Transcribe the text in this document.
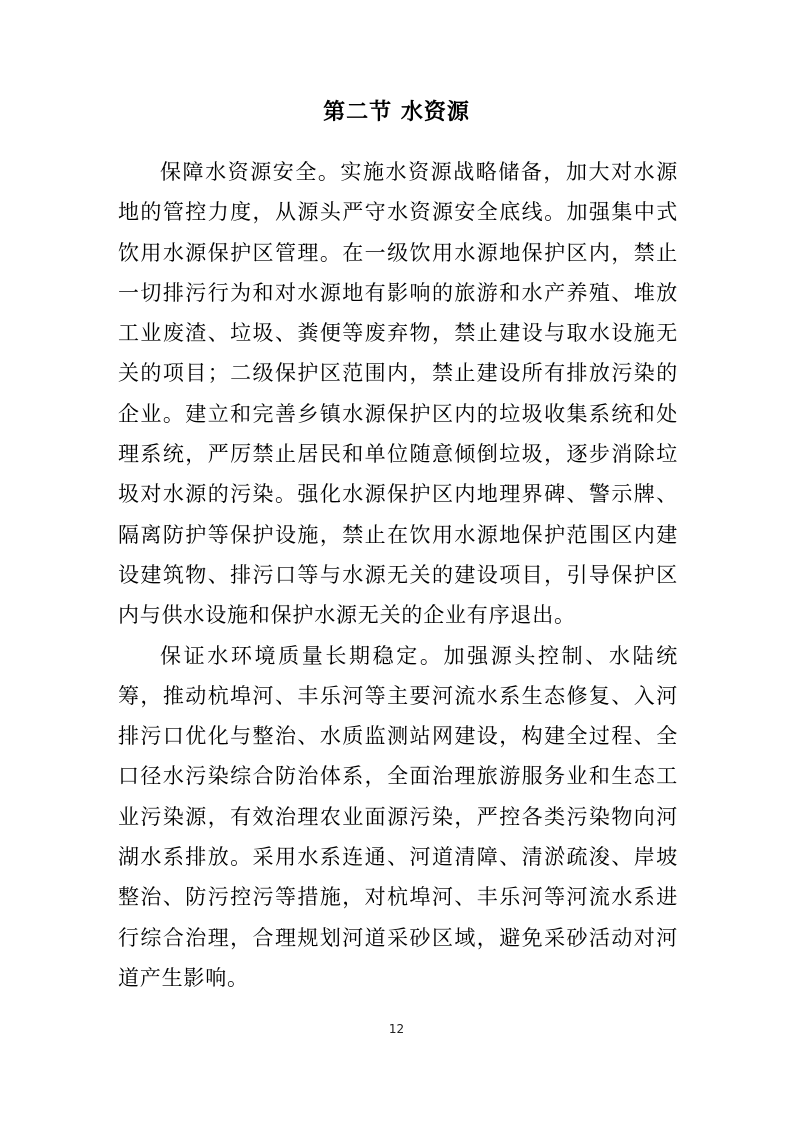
第二节 水资源

保障水资源安全。实施水资源战略储备，加大对水源地的管控力度，从源头严守水资源安全底线。加强集中式饮用水源保护区管理。在一级饮用水源地保护区内，禁止一切排污行为和对水源地有影响的旅游和水产养殖、堆放工业废渣、垃圾、粪便等废弃物，禁止建设与取水设施无关的项目；二级保护区范围内，禁止建设所有排放污染的企业。建立和完善乡镇水源保护区内的垃圾收集系统和处理系统，严厉禁止居民和单位随意倾倒垃圾，逐步消除垃圾对水源的污染。强化水源保护区内地理界碑、警示牌、隔离防护等保护设施，禁止在饮用水源地保护范围区内建设建筑物、排污口等与水源无关的建设项目，引导保护区内与供水设施和保护水源无关的企业有序退出。

保证水环境质量长期稳定。加强源头控制、水陆统筹，推动杭埠河、丰乐河等主要河流水系生态修复、入河排污口优化与整治、水质监测站网建设，构建全过程、全口径水污染综合防治体系，全面治理旅游服务业和生态工业污染源，有效治理农业面源污染，严控各类污染物向河湖水系排放。采用水系连通、河道清障、清淤疏浚、岸坡整治、防污控污等措施，对杭埠河、丰乐河等河流水系进行综合治理，合理规划河道采砂区域，避免采砂活动对河道产生影响。

12
